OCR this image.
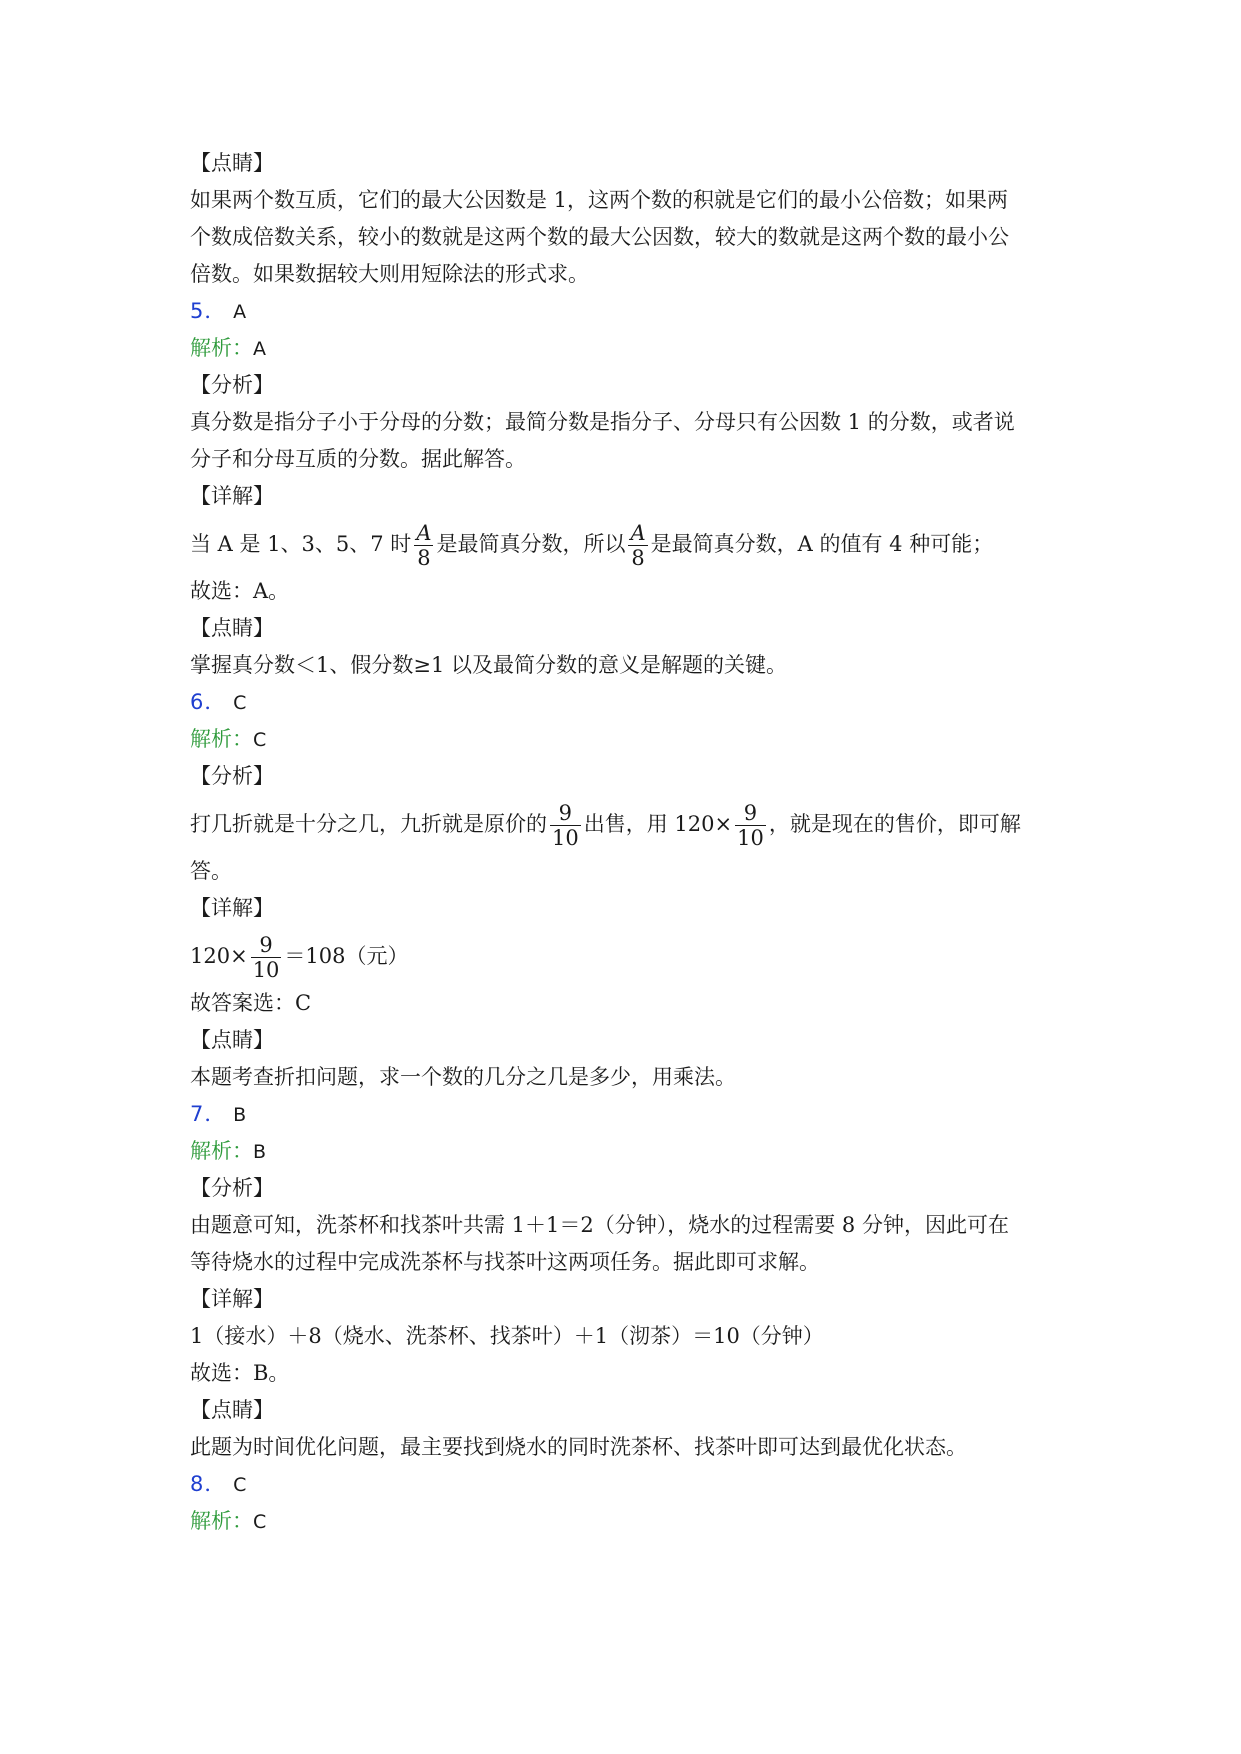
【点睛】
如果两个数互质，它们的最大公因数是 1，这两个数的积就是它们的最小公倍数；如果两
个数成倍数关系，较小的数就是这两个数的最大公因数，较大的数就是这两个数的最小公
倍数。如果数据较大则用短除法的形式求。
5． A
解析：A
【分析】
真分数是指分子小于分母的分数；最简分数是指分子、分母只有公因数 1 的分数，或者说
分子和分母互质的分数。据此解答。
【详解】
当 A 是 1、3、5、7 时 $\frac{A}{8}$ 是最简真分数，所以 $\frac{A}{8}$ 是最简真分数，A 的值有 4 种可能；
故选：A。
【点睛】
掌握真分数＜1、假分数≥1 以及最简分数的意义是解题的关键。
6． C
解析：C
【分析】
打几折就是十分之几，九折就是原价的 $\frac{9}{10}$ 出售，用 $120\times \frac{9}{10}$ ，就是现在的售价，即可解
答。
【详解】
$120\times \frac{9}{10} =108$（元）
故答案选：C
【点睛】
本题考查折扣问题，求一个数的几分之几是多少，用乘法。
7． B
解析：B
【分析】
由题意可知，洗茶杯和找茶叶共需 1＋1＝2（分钟），烧水的过程需要 8 分钟，因此可在
等待烧水的过程中完成洗茶杯与找茶叶这两项任务。据此即可求解。
【详解】
1（接水）＋8（烧水、洗茶杯、找茶叶）＋1（沏茶）＝10（分钟）
故选：B。
【点睛】
此题为时间优化问题，最主要找到烧水的同时洗茶杯、找茶叶即可达到最优化状态。
8． C
解析：C
